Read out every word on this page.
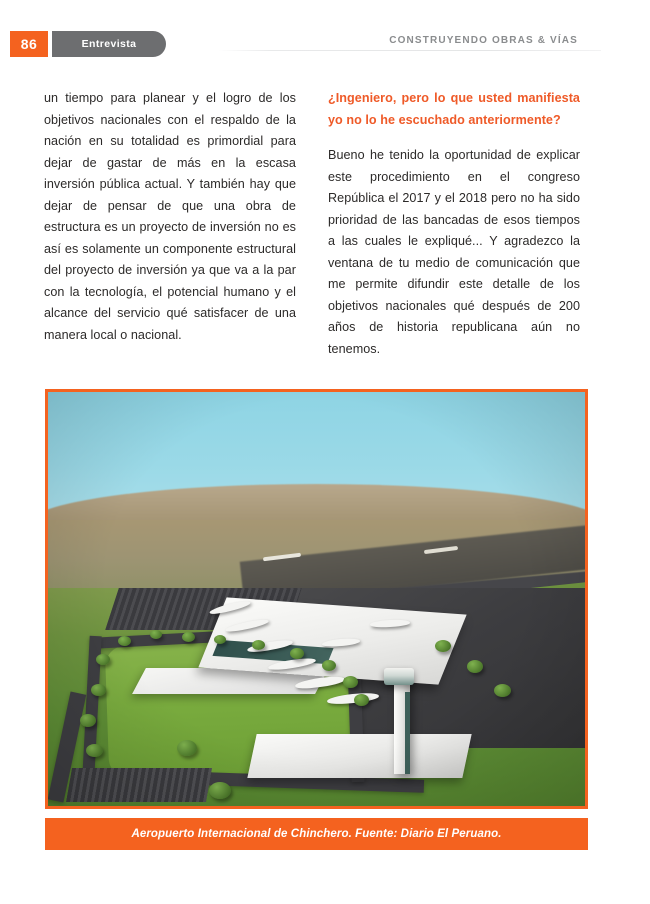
86	Entrevista	CONSTRUYENDO OBRAS & VÍAS

un tiempo para planear y el logro de los objetivos nacionales con el respaldo de la nación en su totalidad es primordial para dejar de gastar de más en la escasa inversión pública actual. Y también hay que dejar de pensar de que una obra de estructura es un proyecto de inversión no es así es solamente un componente estructural del proyecto de inversión ya que va a la par con la tecnología, el potencial humano y el alcance del servicio qué satisfacer de una manera local o nacional.

¿Ingeniero, pero lo que usted manifiesta yo no lo he escuchado anteriormente?

Bueno he tenido la oportunidad de explicar este procedimiento en el congreso República el 2017 y el 2018 pero no ha sido prioridad de las bancadas de esos tiempos a las cuales le expliqué... Y agradezco la ventana de tu medio de comunicación que me permite difundir este detalle de los objetivos nacionales qué después de 200 años de historia republicana aún no tenemos.

Aeropuerto Internacional de Chinchero. Fuente: Diario El Peruano.
